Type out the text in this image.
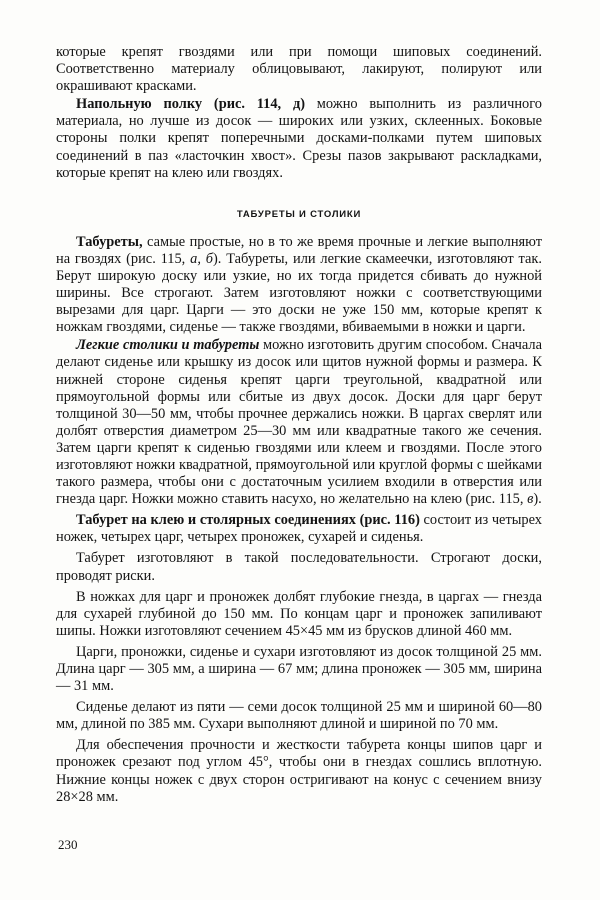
которые крепят гвоздями или при помощи шиповых соединений. Соответственно материалу облицовывают, лакируют, полируют или окрашивают красками.

Напольную полку (рис. 114, д) можно выполнить из различного материала, но лучше из досок — широких или узких, склеенных. Боковые стороны полки крепят поперечными досками-полками путем шиповых соединений в паз «ласточкин хвост». Срезы пазов закрывают раскладками, которые крепят на клею или гвоздях.

ТАБУРЕТЫ И СТОЛИКИ

Табуреты, самые простые, но в то же время прочные и легкие выполняют на гвоздях (рис. 115, а, б). Табуреты, или легкие скамеечки, изготовляют так. Берут широкую доску или узкие, но их тогда придется сбивать до нужной ширины. Все строгают. Затем изготовляют ножки с соответствующими вырезами для царг. Царги — это доски не уже 150 мм, которые крепят к ножкам гвоздями, сиденье — также гвоздями, вбиваемыми в ножки и царги.

Легкие столики и табуреты можно изготовить другим способом. Сначала делают сиденье или крышку из досок или щитов нужной формы и размера. К нижней стороне сиденья крепят царги треугольной, квадратной или прямоугольной формы или сбитые из двух досок. Доски для царг берут толщиной 30—50 мм, чтобы прочнее держались ножки. В царгах сверлят или долбят отверстия диаметром 25—30 мм или квадратные такого же сечения. Затем царги крепят к сиденью гвоздями или клеем и гвоздями. После этого изготовляют ножки квадратной, прямоугольной или круглой формы с шейками такого размера, чтобы они с достаточным усилием входили в отверстия или гнезда царг. Ножки можно ставить насухо, но желательно на клею (рис. 115, в).

Табурет на клею и столярных соединениях (рис. 116) состоит из четырех ножек, четырех царг, четырех проножек, сухарей и сиденья.

Табурет изготовляют в такой последовательности. Строгают доски, проводят риски.

В ножках для царг и проножек долбят глубокие гнезда, в царгах — гнезда для сухарей глубиной до 150 мм. По концам царг и проножек запиливают шипы. Ножки изготовляют сечением 45×45 мм из брусков длиной 460 мм.

Царги, проножки, сиденье и сухари изготовляют из досок толщиной 25 мм. Длина царг — 305 мм, а ширина — 67 мм; длина проножек — 305 мм, ширина — 31 мм.

Сиденье делают из пяти — семи досок толщиной 25 мм и шириной 60—80 мм, длиной по 385 мм. Сухари выполняют длиной и шириной по 70 мм.

Для обеспечения прочности и жесткости табурета концы шипов царг и проножек срезают под углом 45°, чтобы они в гнездах сошлись вплотную. Нижние концы ножек с двух сторон остригивают на конус с сечением внизу 28×28 мм.

230
